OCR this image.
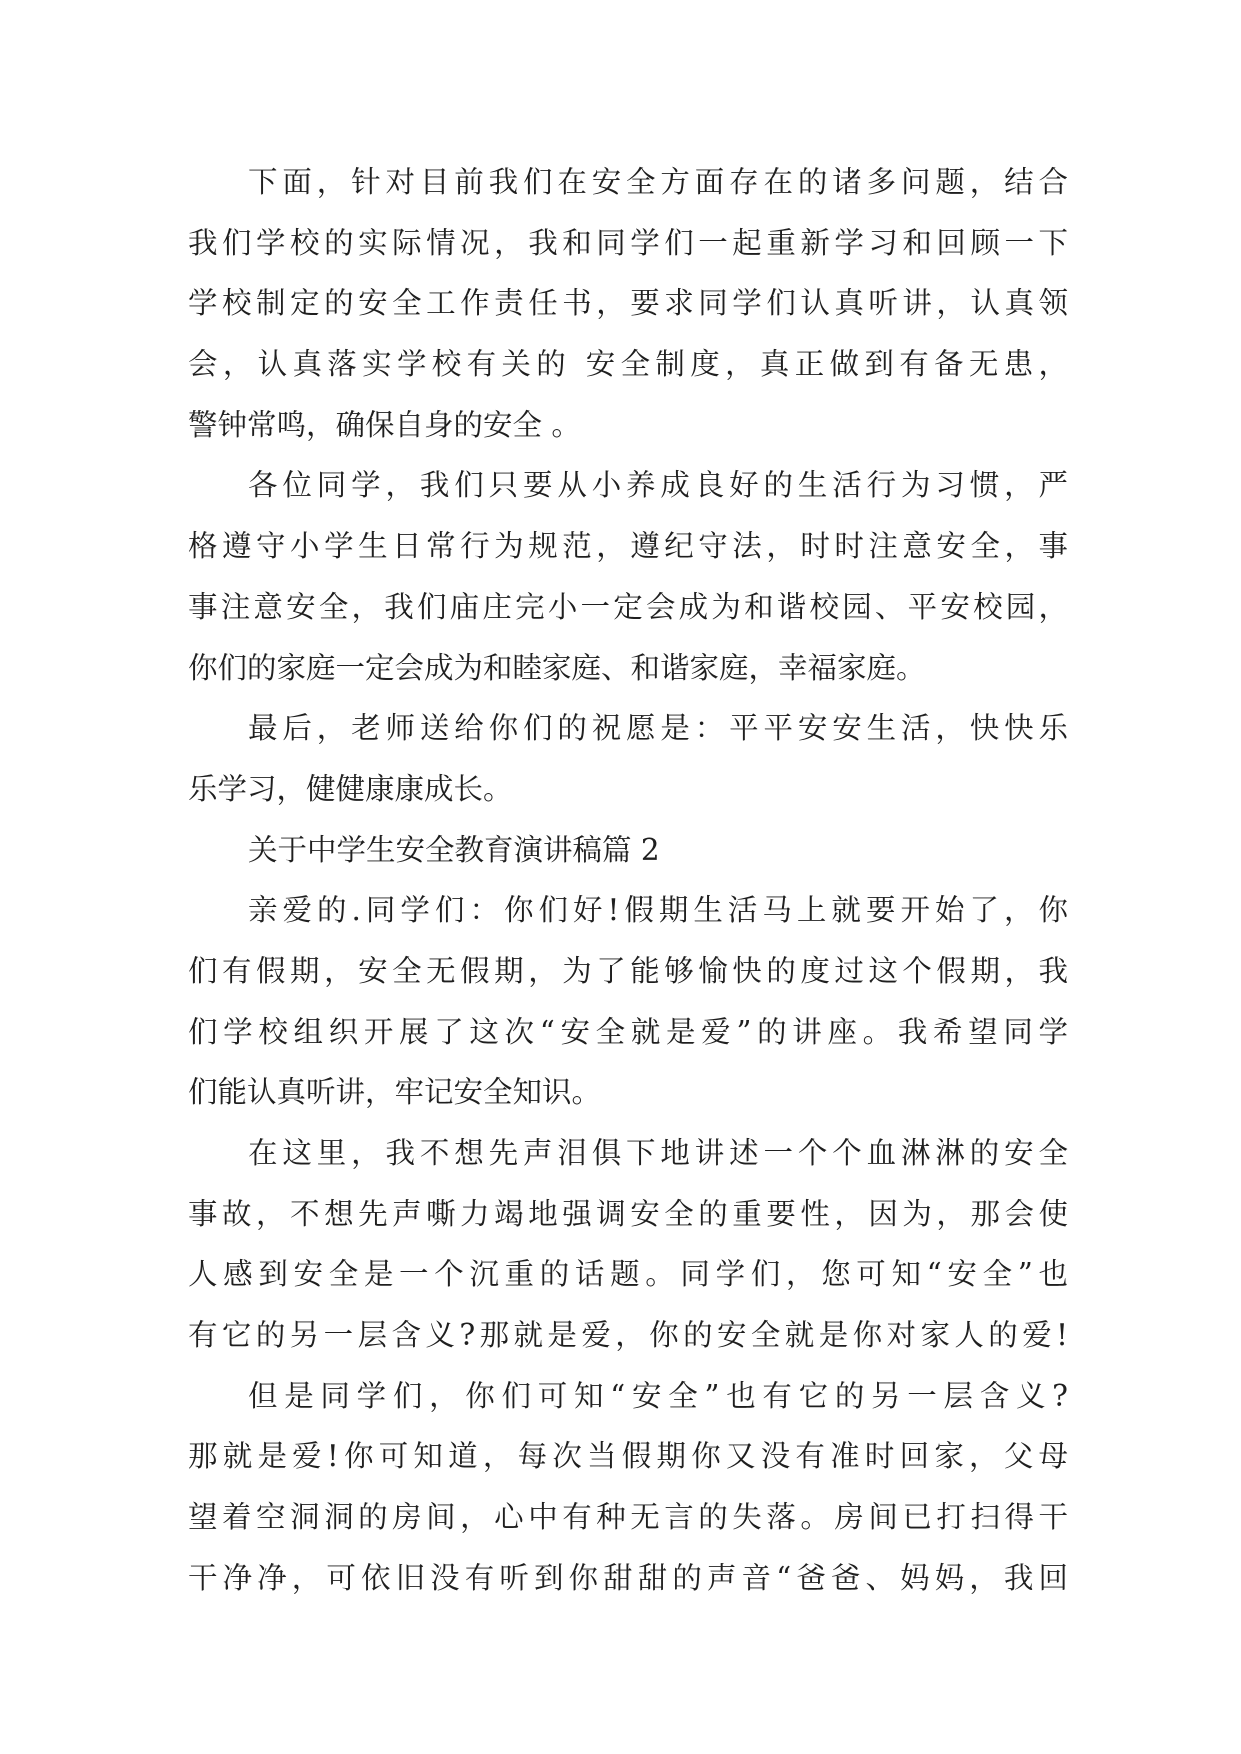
下面，针对目前我们在安全方面存在的诸多问题，结合
我们学校的实际情况，我和同学们一起重新学习和回顾一下
学校制定的安全工作责任书，要求同学们认真听讲，认真领
会，认真落实学校有关的 安全制度，真正做到有备无患，
警钟常鸣，确保自身的安全 。
各位同学，我们只要从小养成良好的生活行为习惯，严
格遵守小学生日常行为规范，遵纪守法，时时注意安全，事
事注意安全，我们庙庄完小一定会成为和谐校园、平安校园，
你们的家庭一定会成为和睦家庭、和谐家庭，幸福家庭。
最后，老师送给你们的祝愿是：平平安安生活，快快乐
乐学习，健健康康成长。
关于中学生安全教育演讲稿篇 2
亲爱的.同学们：你们好!假期生活马上就要开始了，你
们有假期，安全无假期，为了能够愉快的度过这个假期，我
们学校组织开展了这次“安全就是爱”的讲座。我希望同学
们能认真听讲，牢记安全知识。
在这里，我不想先声泪俱下地讲述一个个血淋淋的安全
事故，不想先声嘶力竭地强调安全的重要性，因为，那会使
人感到安全是一个沉重的话题。同学们，您可知“安全”也
有它的另一层含义?那就是爱，你的安全就是你对家人的爱!
但是同学们，你们可知“安全”也有它的另一层含义?
那就是爱!你可知道，每次当假期你又没有准时回家，父母
望着空洞洞的房间，心中有种无言的失落。房间已打扫得干
干净净，可依旧没有听到你甜甜的声音“爸爸、妈妈，我回
